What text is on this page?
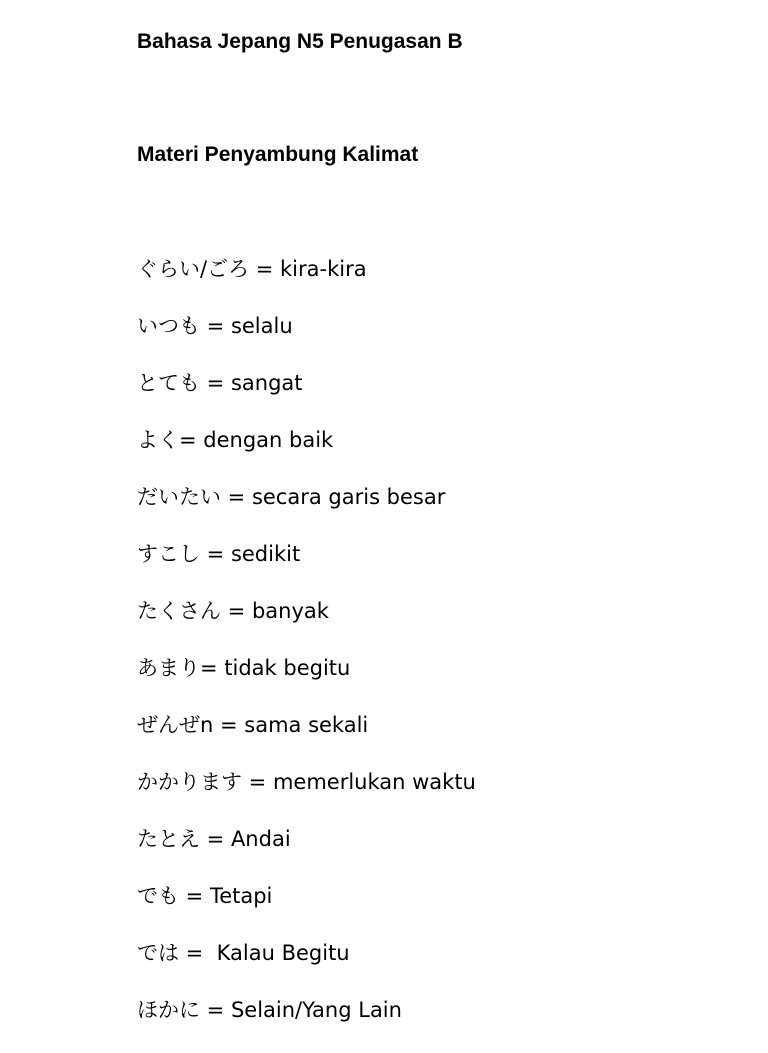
Bahasa Jepang N5 Penugasan B
Materi Penyambung Kalimat
ぐらい/ごろ = kira-kira
いつも = selalu
とても = sangat
よく= dengan baik
だいたい = secara garis besar
すこし = sedikit
たくさん = banyak
あまり= tidak begitu
ぜんぜn = sama sekali
かかります = memerlukan waktu
たとえ = Andai
でも = Tetapi
では =  Kalau Begitu
ほかに = Selain/Yang Lain
